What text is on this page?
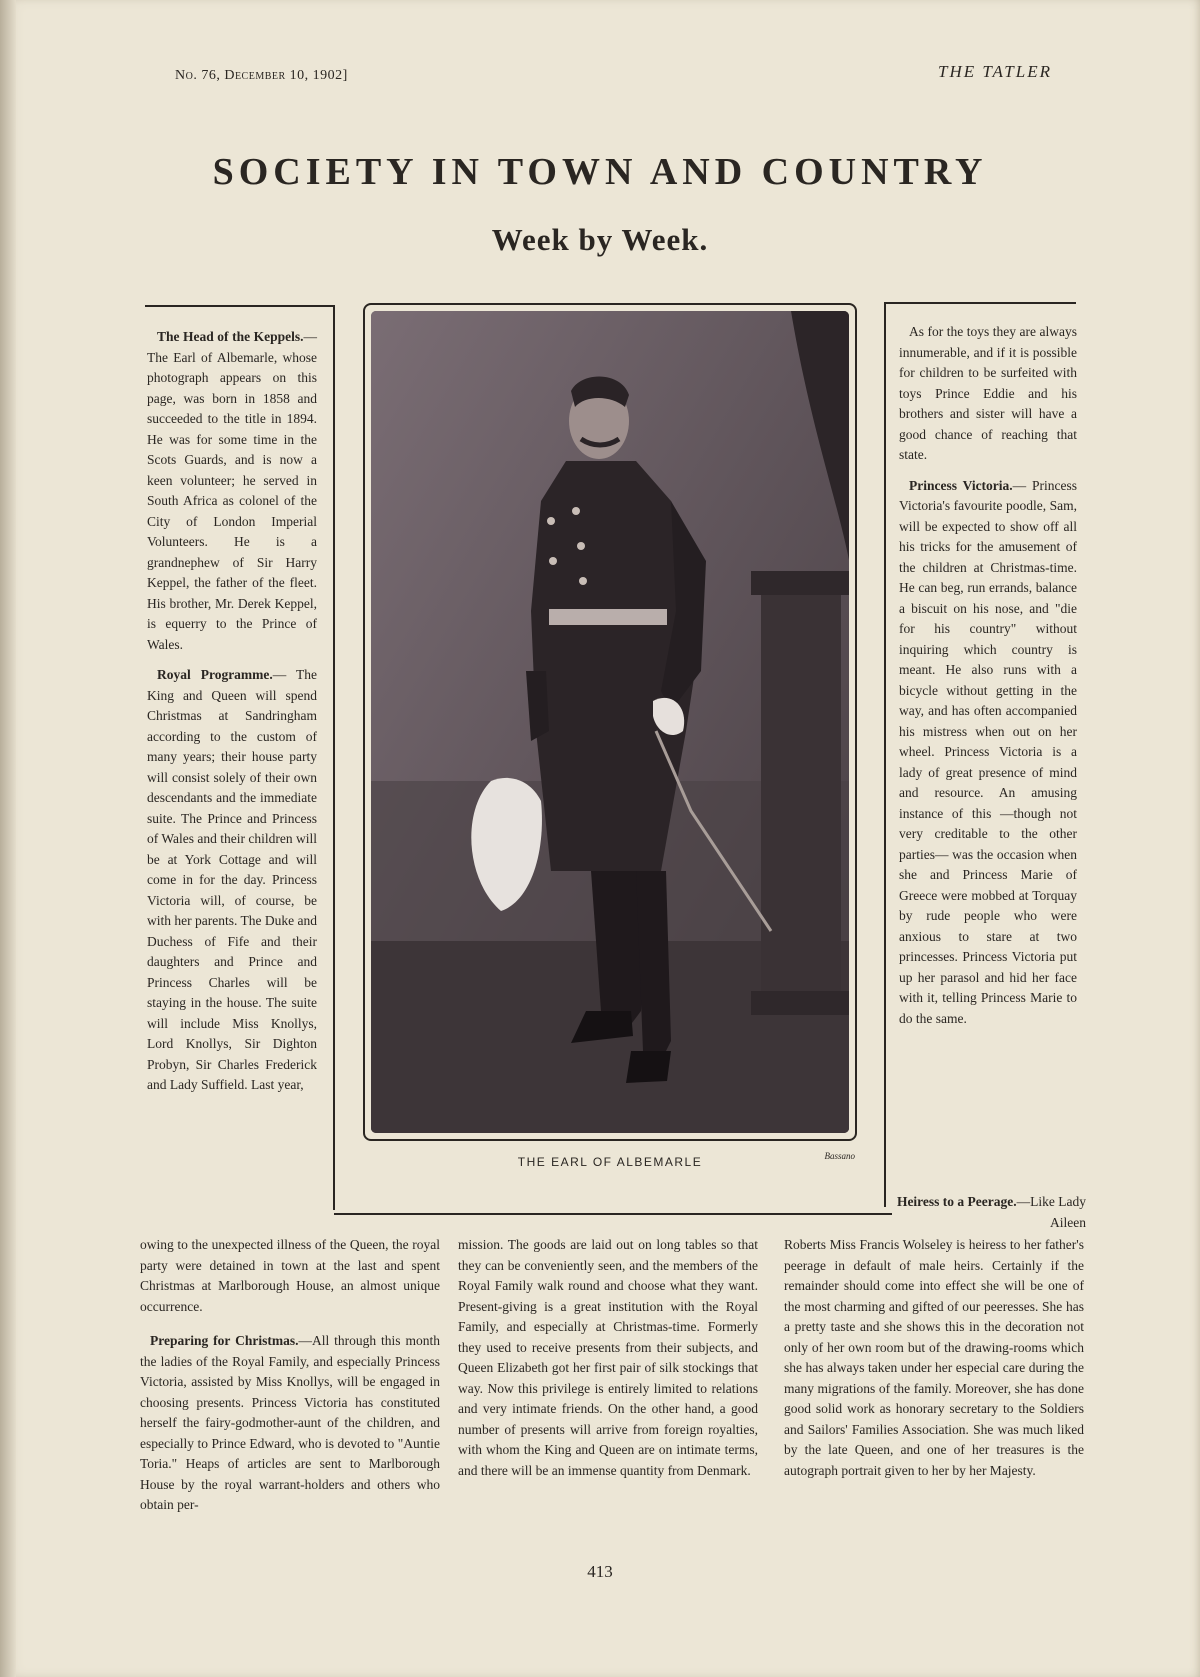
No. 76, December 10, 1902]	THE TATLER
SOCIETY IN TOWN AND COUNTRY
Week by Week.

The Head of the Keppels.— The Earl of Albemarle, whose photograph appears on this page, was born in 1858 and succeeded to the title in 1894. He was for some time in the Scots Guards, and is now a keen volunteer; he served in South Africa as colonel of the City of London Imperial Volunteers. He is a grandnephew of Sir Harry Keppel, the father of the fleet. His brother, Mr. Derek Keppel, is equerry to the Prince of Wales.

Royal Programme.— The King and Queen will spend Christmas at Sandringham according to the custom of many years; their house party will consist solely of their own descendants and the immediate suite. The Prince and Princess of Wales and their children will be at York Cottage and will come in for the day. Princess Victoria will, of course, be with her parents. The Duke and Duchess of Fife and their daughters and Prince and Princess Charles will be staying in the house. The suite will include Miss Knollys, Lord Knollys, Sir Dighton Probyn, Sir Charles Frederick and Lady Suffield. Last year,

THE EARL OF ALBEMARLE	Bassano

As for the toys they are always innumerable, and if it is possible for children to be surfeited with toys Prince Eddie and his brothers and sister will have a good chance of reaching that state.

Princess Victoria.— Princess Victoria's favourite poodle, Sam, will be expected to show off all his tricks for the amusement of the children at Christmas-time. He can beg, run errands, balance a biscuit on his nose, and "die for his country" without inquiring which country is meant. He also runs with a bicycle without getting in the way, and has often accompanied his mistress when out on her wheel. Princess Victoria is a lady of great presence of mind and resource. An amusing instance of this —though not very creditable to the other parties— was the occasion when she and Princess Marie of Greece were mobbed at Torquay by rude people who were anxious to stare at two princesses. Princess Victoria put up her parasol and hid her face with it, telling Princess Marie to do the same.

Heiress to a Peerage.—Like Lady Aileen

owing to the unexpected illness of the Queen, the royal party were detained in town at the last and spent Christmas at Marlborough House, an almost unique occurrence.

Preparing for Christmas.—All through this month the ladies of the Royal Family, and especially Princess Victoria, assisted by Miss Knollys, will be engaged in choosing presents. Princess Victoria has constituted herself the fairy-godmother-aunt of the children, and especially to Prince Edward, who is devoted to "Auntie Toria." Heaps of articles are sent to Marlborough House by the royal warrant-holders and others who obtain per-

mission. The goods are laid out on long tables so that they can be conveniently seen, and the members of the Royal Family walk round and choose what they want. Present-giving is a great institution with the Royal Family, and especially at Christmas-time. Formerly they used to receive presents from their subjects, and Queen Elizabeth got her first pair of silk stockings that way. Now this privilege is entirely limited to relations and very intimate friends. On the other hand, a good number of presents will arrive from foreign royalties, with whom the King and Queen are on intimate terms, and there will be an immense quantity from Denmark.

Roberts Miss Francis Wolseley is heiress to her father's peerage in default of male heirs. Certainly if the remainder should come into effect she will be one of the most charming and gifted of our peeresses. She has a pretty taste and she shows this in the decoration not only of her own room but of the drawing-rooms which she has always taken under her especial care during the many migrations of the family. Moreover, she has done good solid work as honorary secretary to the Soldiers and Sailors' Families Association. She was much liked by the late Queen, and one of her treasures is the autograph portrait given to her by her Majesty.

413
